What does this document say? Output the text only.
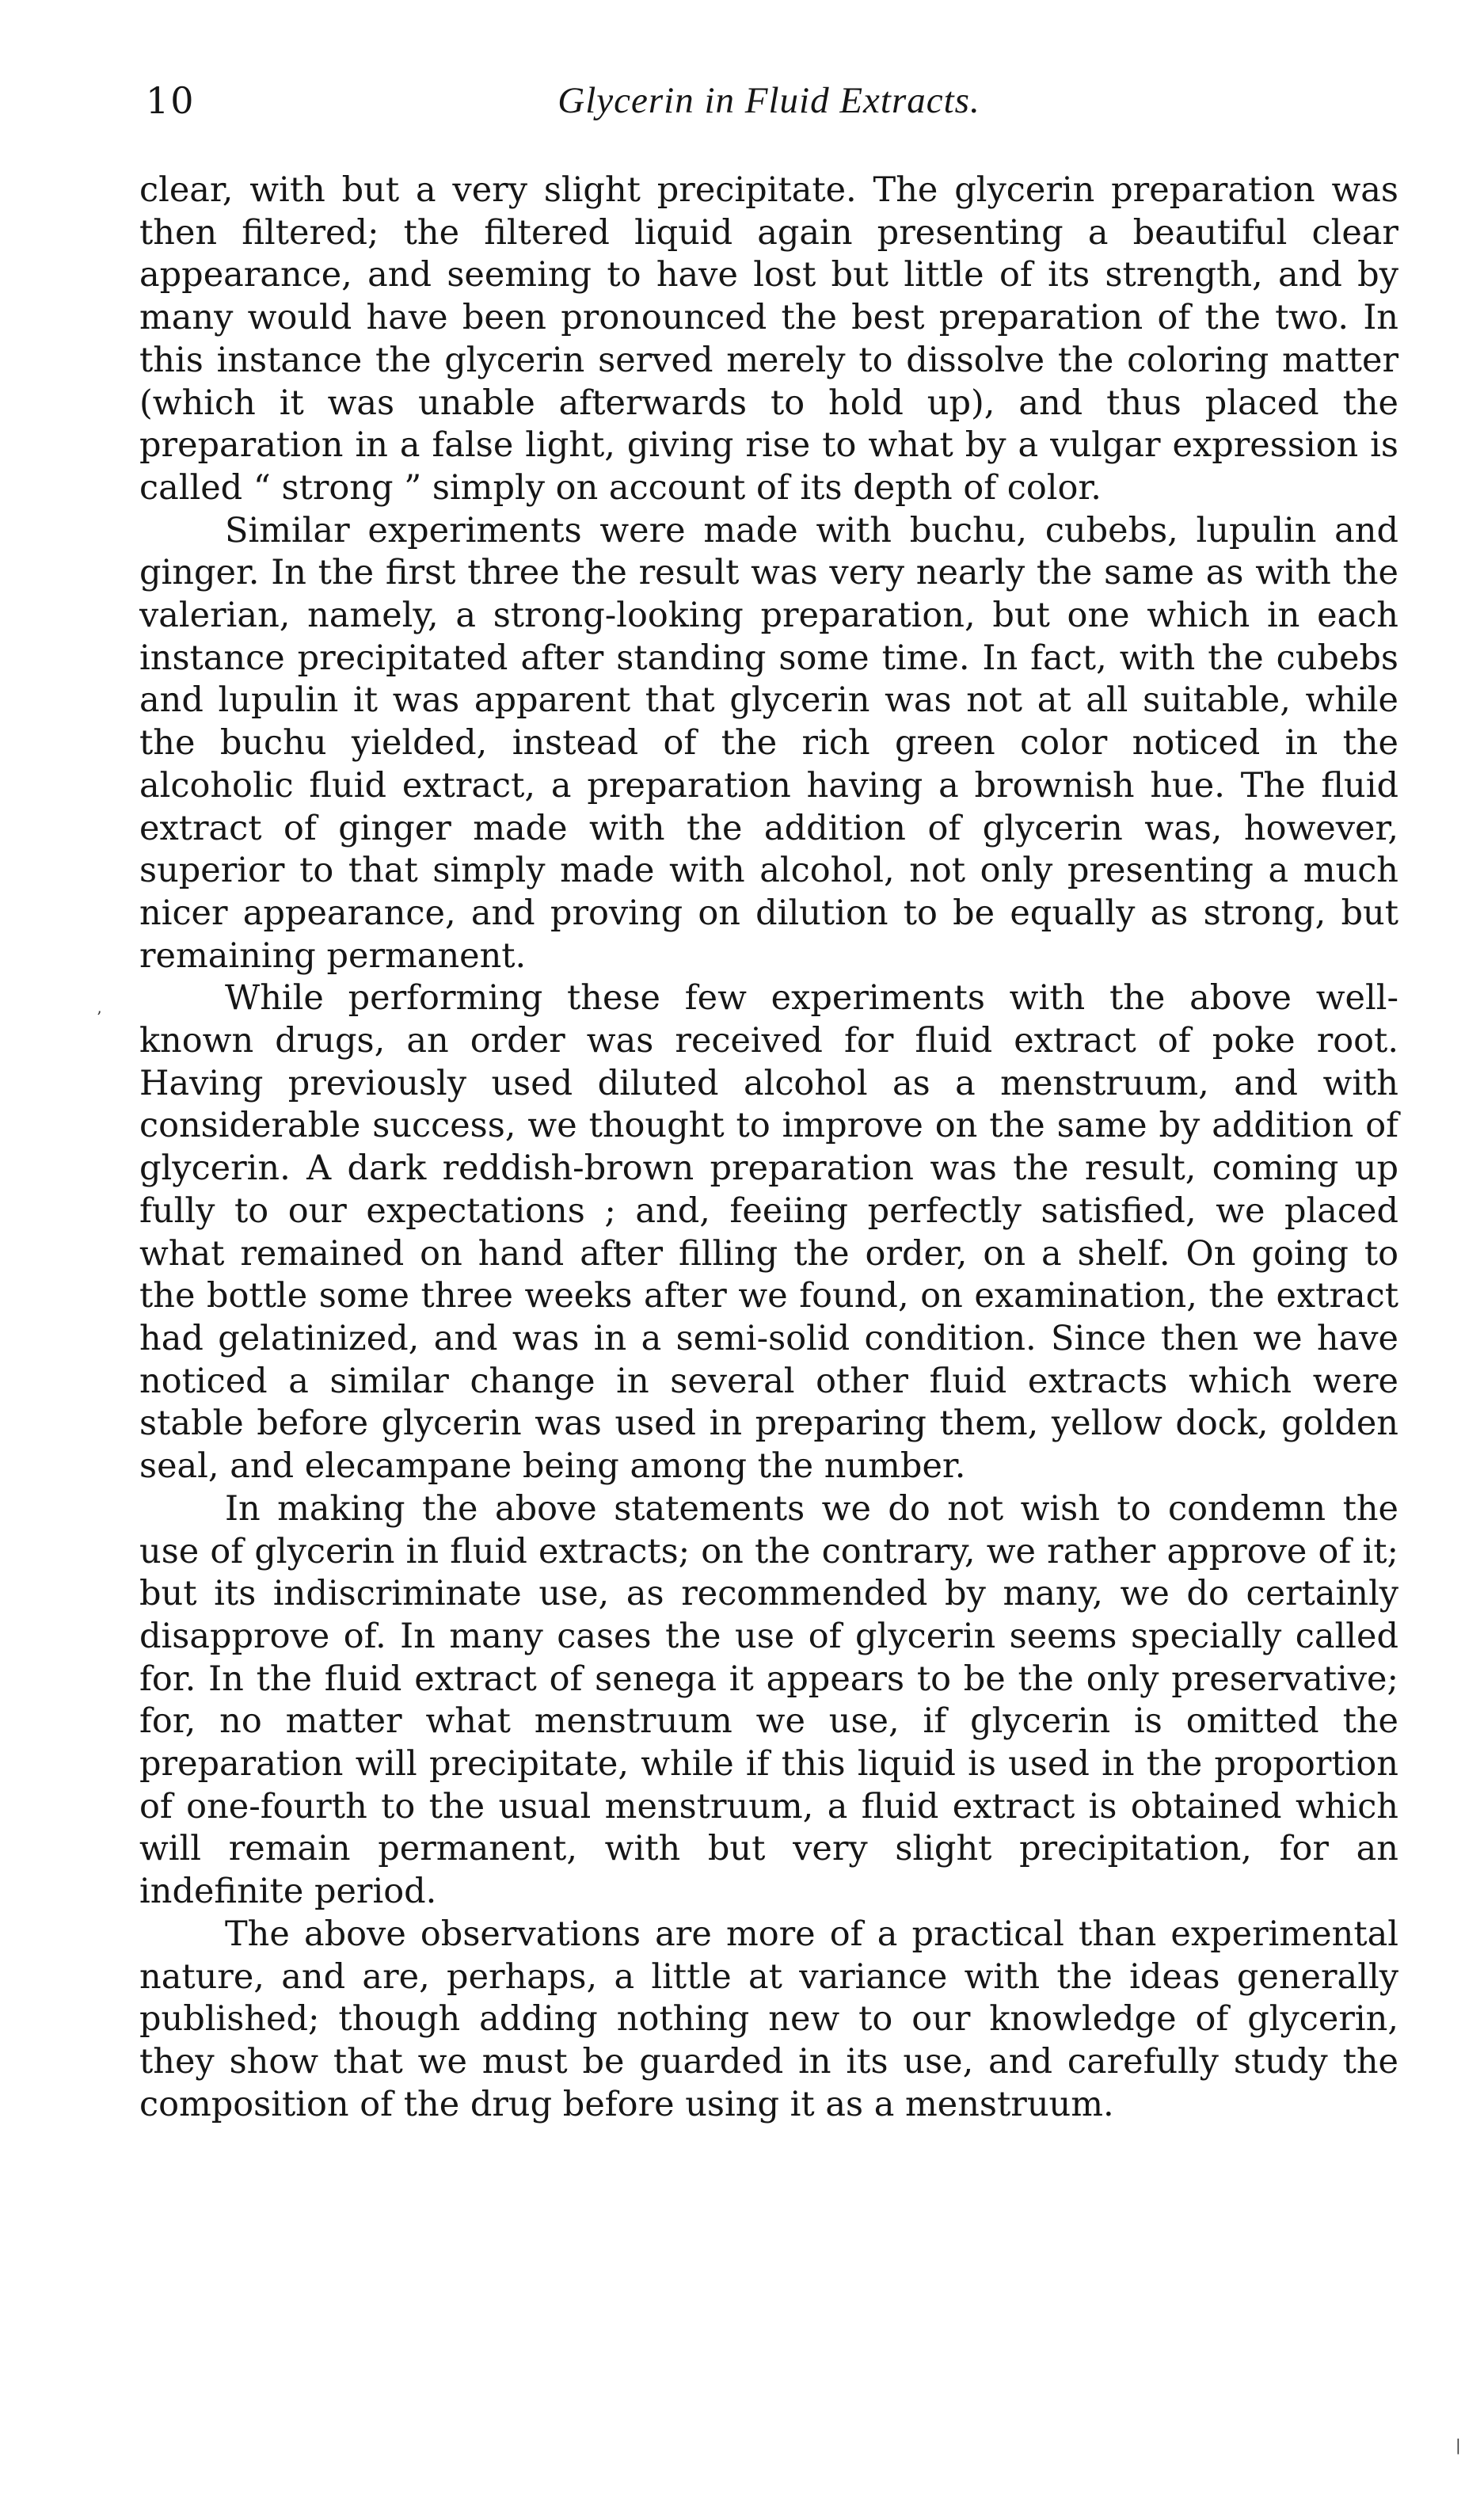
10	Glycerin in Fluid Extracts.

clear, with but a very slight precipitate. The glycerin preparation was then filtered; the filtered liquid again presenting a beautiful clear appearance, and seeming to have lost but little of its strength, and by many would have been pronounced the best preparation of the two. In this instance the glycerin served merely to dissolve the coloring matter (which it was unable afterwards to hold up), and thus placed the preparation in a false light, giving rise to what by a vulgar expression is called “ strong ” simply on account of its depth of color.

Similar experiments were made with buchu, cubebs, lupulin and ginger. In the first three the result was very nearly the same as with the valerian, namely, a strong-looking preparation, but one which in each instance precipitated after standing some time. In fact, with the cubebs and lupulin it was apparent that glycerin was not at all suitable, while the buchu yielded, instead of the rich green color noticed in the alcoholic fluid extract, a preparation having a brownish hue. The fluid extract of ginger made with the addition of glycerin was, however, superior to that simply made with alcohol, not only presenting a much nicer appearance, and proving on dilution to be equally as strong, but remaining permanent.

While performing these few experiments with the above well-known drugs, an order was received for fluid extract of poke root. Having previously used diluted alcohol as a menstruum, and with considerable success, we thought to improve on the same by addition of glycerin. A dark reddish-brown preparation was the result, coming up fully to our expectations ; and, feeiing perfectly satisfied, we placed what remained on hand after filling the order, on a shelf. On going to the bottle some three weeks after we found, on examination, the extract had gelatinized, and was in a semi-solid condition. Since then we have noticed a similar change in several other fluid extracts which were stable before glycerin was used in preparing them, yellow dock, golden seal, and elecampane being among the number.

In making the above statements we do not wish to condemn the use of glycerin in fluid extracts; on the contrary, we rather approve of it; but its indiscriminate use, as recommended by many, we do certainly disapprove of. In many cases the use of glycerin seems specially called for. In the fluid extract of senega it appears to be the only preservative; for, no matter what menstruum we use, if glycerin is omitted the preparation will precipitate, while if this liquid is used in the proportion of one-fourth to the usual menstruum, a fluid extract is obtained which will remain permanent, with but very slight precipitation, for an indefinite period.

The above observations are more of a practical than experimental nature, and are, perhaps, a little at variance with the ideas generally published; though adding nothing new to our knowledge of glycerin, they show that we must be guarded in its use, and carefully study the composition of the drug before using it as a menstruum.

’
|
